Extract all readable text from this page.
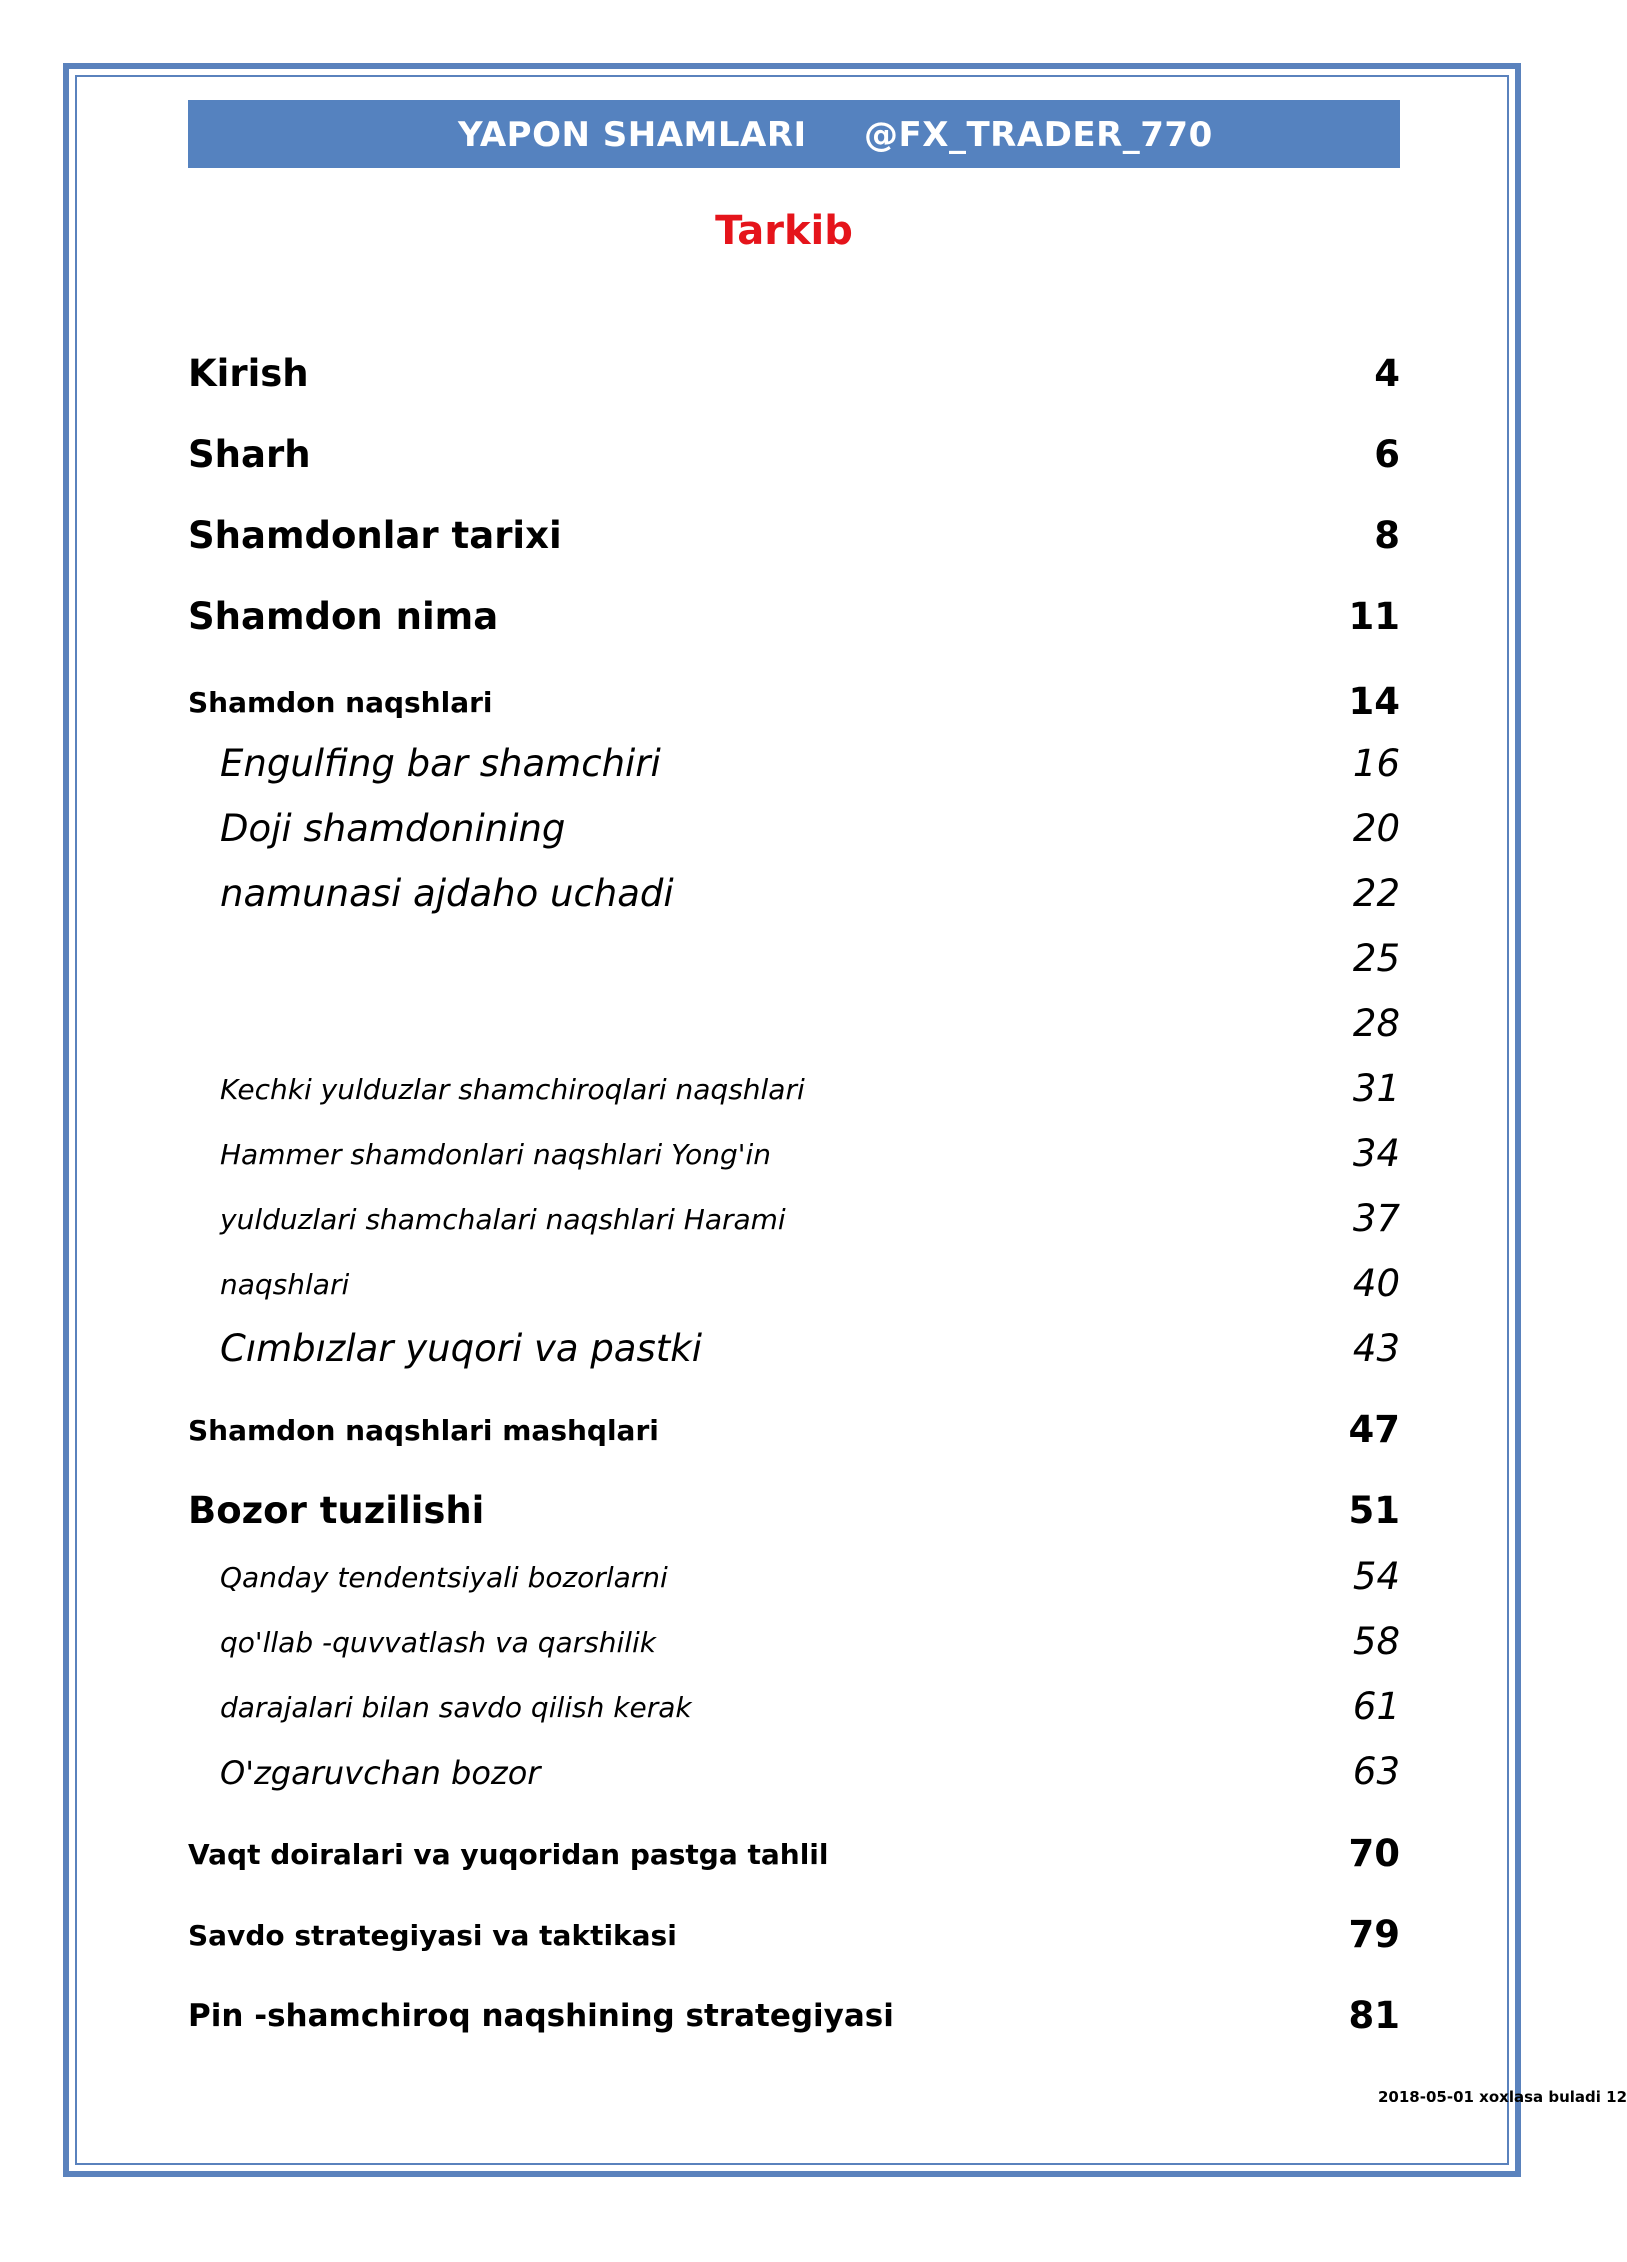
YAPON SHAMLARI @FX_TRADER_770
Tarkib
Kirish	4
Sharh	6
Shamdonlar tarixi	8
Shamdon nima	11
Shamdon naqshlari	14
Engulfing bar shamchiri	16
Doji shamdonining	20
namunasi ajdaho uchadi	22
25
28
Kechki yulduzlar shamchiroqlari naqshlari	31
Hammer shamdonlari naqshlari Yong'in	34
yulduzlari shamchalari naqshlari Harami	37
naqshlari	40
Cımbızlar yuqori va pastki	43
Shamdon naqshlari mashqlari	47
Bozor tuzilishi	51
Qanday tendentsiyali bozorlarni	54
qo'llab -quvvatlash va qarshilik	58
darajalari bilan savdo qilish kerak	61
O'zgaruvchan bozor	63
Vaqt doiralari va yuqoridan pastga tahlil	70
Savdo strategiyasi va taktikasi	79
Pin -shamchiroq naqshining strategiyasi	81
2018-05-01 xoxlasa buladi 12
